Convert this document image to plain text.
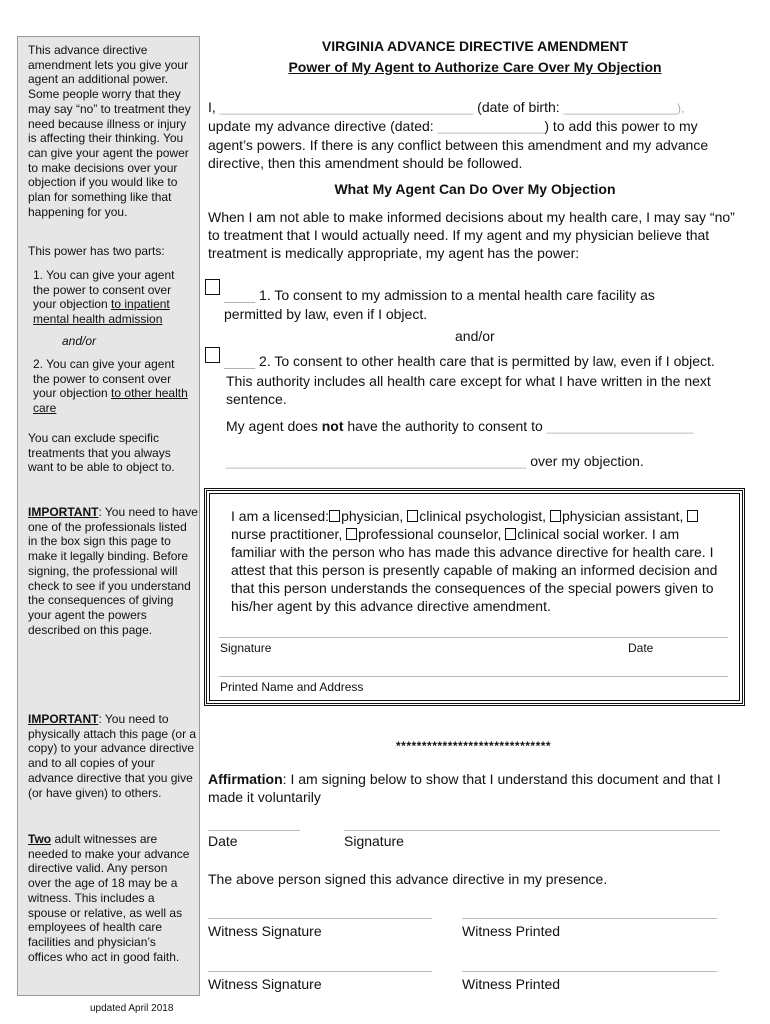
This advance directive amendment lets you give your agent an additional power. Some people worry that they may say “no” to treatment they need because illness or injury is affecting their thinking. You can give your agent the power to make decisions over your objection if you would like to plan for something like that happening for you.
This power has two parts:
1. You can give your agent the power to consent over your objection to inpatient mental health admission
and/or
2. You can give your agent the power to consent over your objection to other health care
You can exclude specific treatments that you always want to be able to object to.
IMPORTANT: You need to have one of the professionals listed in the box sign this page to make it legally binding. Before signing, the professional will check to see if you understand the consequences of giving your agent the powers described on this page.
IMPORTANT: You need to physically attach this page (or a copy) to your advance directive and to all copies of your advance directive that you give (or have given) to others.
Two adult witnesses are needed to make your advance directive valid. Any person over the age of 18 may be a witness. This includes a spouse or relative, as well as employees of health care facilities and physician’s offices who act in good faith.
updated April 2018
VIRGINIA ADVANCE DIRECTIVE AMENDMENT
Power of My Agent to Authorize Care Over My Objection
I, ______________________________________ (date of birth: _________________),
update my advance directive (dated: ________________) to add this power to my
agent’s powers. If there is any conflict between this amendment and my advance
directive, then this amendment should be followed.
What My Agent Can Do Over My Objection
When I am not able to make informed decisions about my health care, I may say “no” to treatment that I would actually need. If my agent and my physician believe that treatment is medically appropriate, my agent has the power:
____ 1. To consent to my admission to a mental health care facility as
permitted by law, even if I object.
and/or
____ 2. To consent to other health care that is permitted by law, even if I object.
This authority includes all health care except for what I have written in the next
sentence.
My agent does not have the authority to consent to ______________________
_____________________________________________ over my objection.
I am a licensed: physician, clinical psychologist, physician assistant, nurse practitioner, professional counselor, clinical social worker. I am familiar with the person who has made this advance directive for health care. I attest that this person is presently capable of making an informed decision and that this person understands the consequences of the special powers given to his/her agent by this advance directive amendment.
Signature	Date
Printed Name and Address
******************************
Affirmation: I am signing below to show that I understand this document and that I made it voluntarily
Date	Signature
The above person signed this advance directive in my presence.
Witness Signature	Witness Printed
Witness Signature	Witness Printed
